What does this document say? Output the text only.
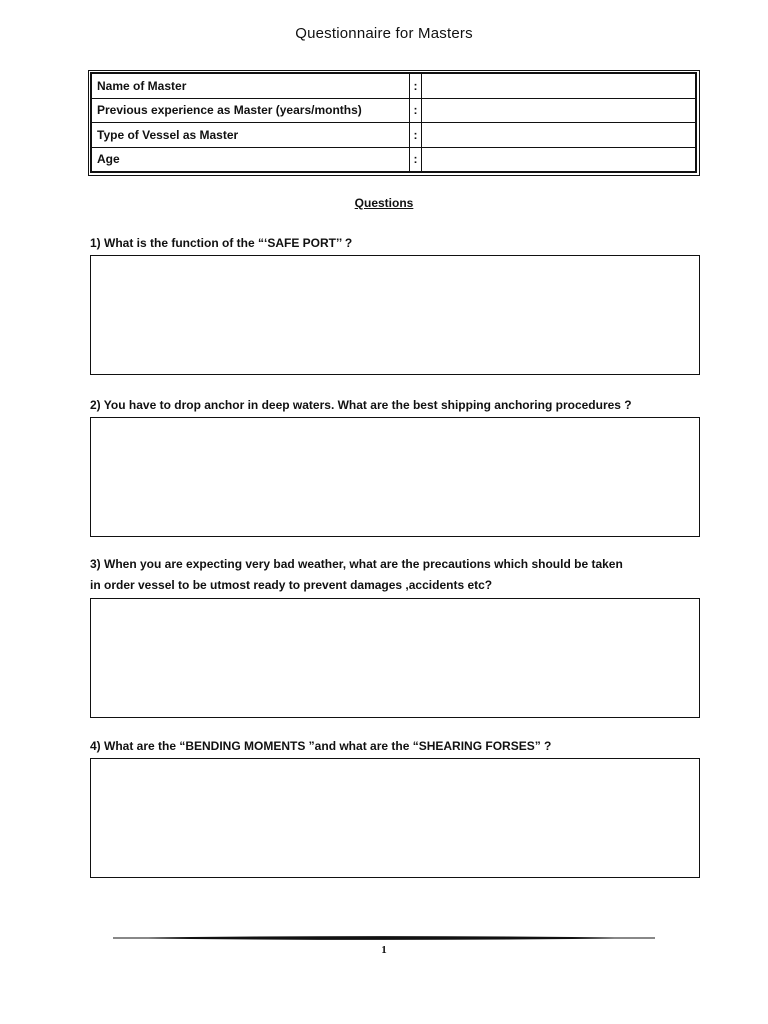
Questionnaire for Masters
Name of Master	:	
Previous experience as Master (years/months)	:	
Type of Vessel as Master	:	
Age	:	
Questions
1) What is the function of the “‘SAFE PORT’’ ?
2) You have to drop anchor in deep waters. What are the best shipping anchoring procedures ?
3) When you are expecting very bad weather, what are the precautions which should be taken
in order vessel to be utmost ready to prevent damages ,accidents etc?
4) What are the “BENDING MOMENTS ”and what are the “SHEARING FORSES” ?
1
